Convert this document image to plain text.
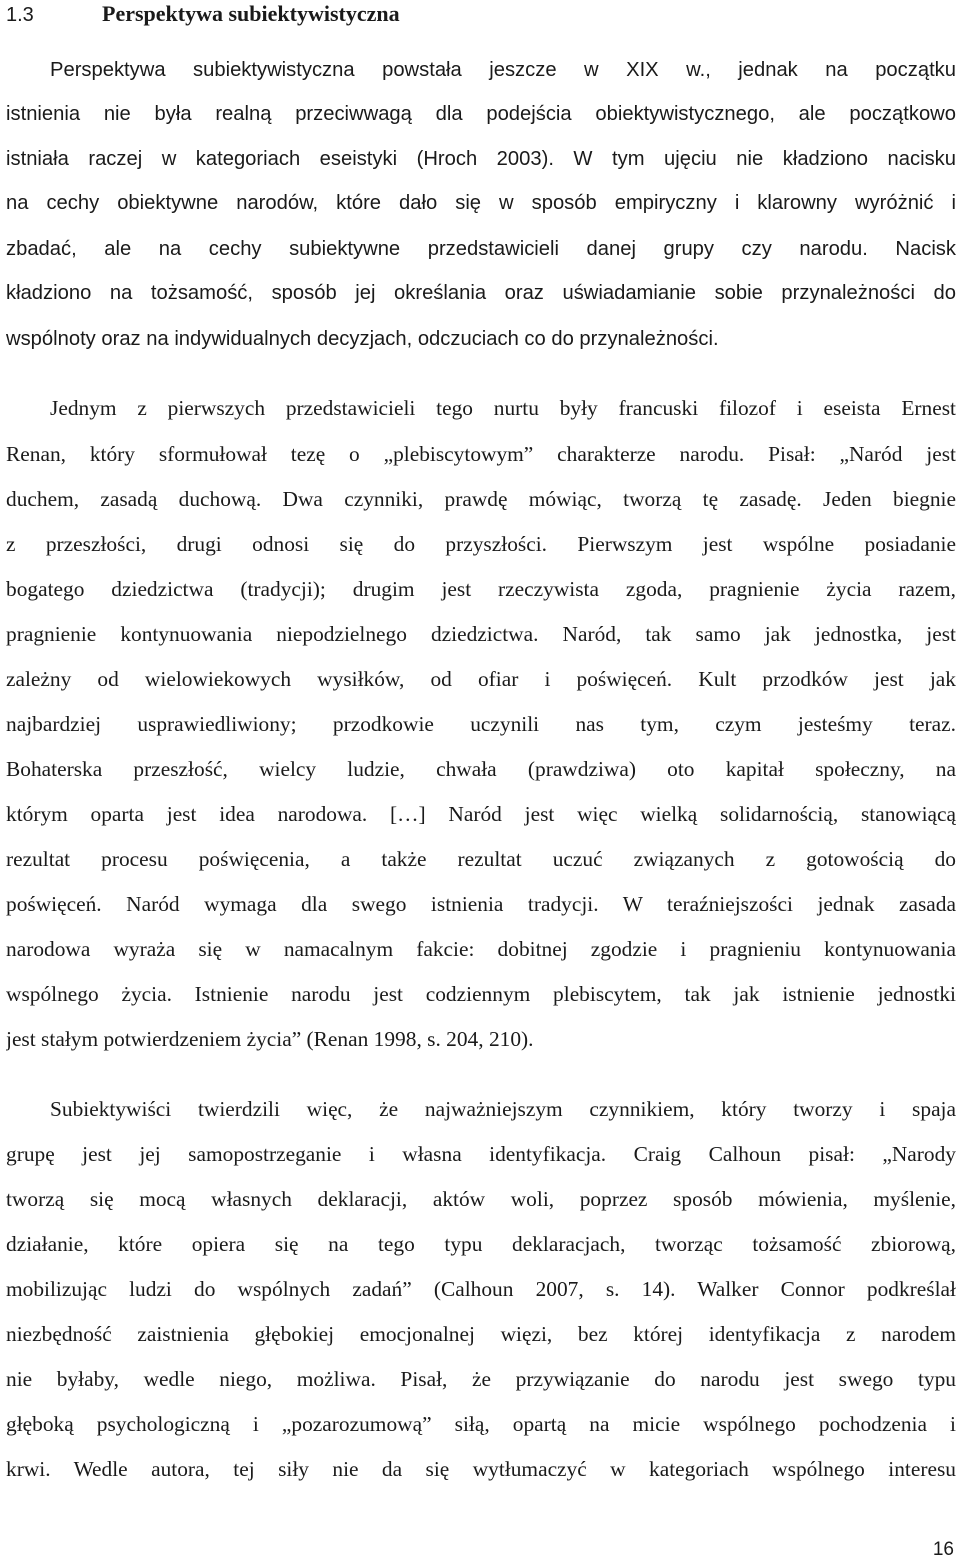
1.3	Perspektywa subiektywistyczna
Perspektywa subiektywistyczna powstała jeszcze w XIX w., jednak na początku
istnienia nie była realną przeciwwagą dla podejścia obiektywistycznego, ale początkowo
istniała raczej w kategoriach eseistyki (Hroch 2003). W tym ujęciu nie kładziono nacisku
na cechy obiektywne narodów, które dało się w sposób empiryczny i klarowny wyróżnić i
zbadać, ale na cechy subiektywne przedstawicieli danej grupy czy narodu. Nacisk
kładziono na tożsamość, sposób jej określania oraz uświadamianie sobie przynależności do
wspólnoty oraz na indywidualnych decyzjach, odczuciach co do przynależności.
Jednym z pierwszych przedstawicieli tego nurtu były francuski filozof i eseista Ernest
Renan, który sformułował tezę o „plebiscytowym” charakterze narodu. Pisał: „Naród jest
duchem, zasadą duchową. Dwa czynniki, prawdę mówiąc, tworzą tę zasadę. Jeden biegnie
z przeszłości, drugi odnosi się do przyszłości. Pierwszym jest wspólne posiadanie
bogatego dziedzictwa (tradycji); drugim jest rzeczywista zgoda, pragnienie życia razem,
pragnienie kontynuowania niepodzielnego dziedzictwa. Naród, tak samo jak jednostka, jest
zależny od wielowiekowych wysiłków, od ofiar i poświęceń. Kult przodków jest jak
najbardziej usprawiedliwiony; przodkowie uczynili nas tym, czym jesteśmy teraz.
Bohaterska przeszłość, wielcy ludzie, chwała (prawdziwa) oto kapitał społeczny, na
którym oparta jest idea narodowa. […] Naród jest więc wielką solidarnością, stanowiącą
rezultat procesu poświęcenia, a także rezultat uczuć związanych z gotowością do
poświęceń. Naród wymaga dla swego istnienia tradycji. W teraźniejszości jednak zasada
narodowa wyraża się w namacalnym fakcie: dobitnej zgodzie i pragnieniu kontynuowania
wspólnego życia. Istnienie narodu jest codziennym plebiscytem, tak jak istnienie jednostki
jest stałym potwierdzeniem życia” (Renan 1998, s. 204, 210).
Subiektywiści twierdzili więc, że najważniejszym czynnikiem, który tworzy i spaja
grupę jest jej samopostrzeganie i własna identyfikacja. Craig Calhoun pisał: „Narody
tworzą się mocą własnych deklaracji, aktów woli, poprzez sposób mówienia, myślenie,
działanie, które opiera się na tego typu deklaracjach, tworząc tożsamość zbiorową,
mobilizując ludzi do wspólnych zadań” (Calhoun 2007, s. 14). Walker Connor podkreślał
niezbędność zaistnienia głębokiej emocjonalnej więzi, bez której identyfikacja z narodem
nie byłaby, wedle niego, możliwa. Pisał, że przywiązanie do narodu jest swego typu
głęboką psychologiczną i „pozarozumową” siłą, opartą na micie wspólnego pochodzenia i
krwi. Wedle autora, tej siły nie da się wytłumaczyć w kategoriach wspólnego interesu
16
